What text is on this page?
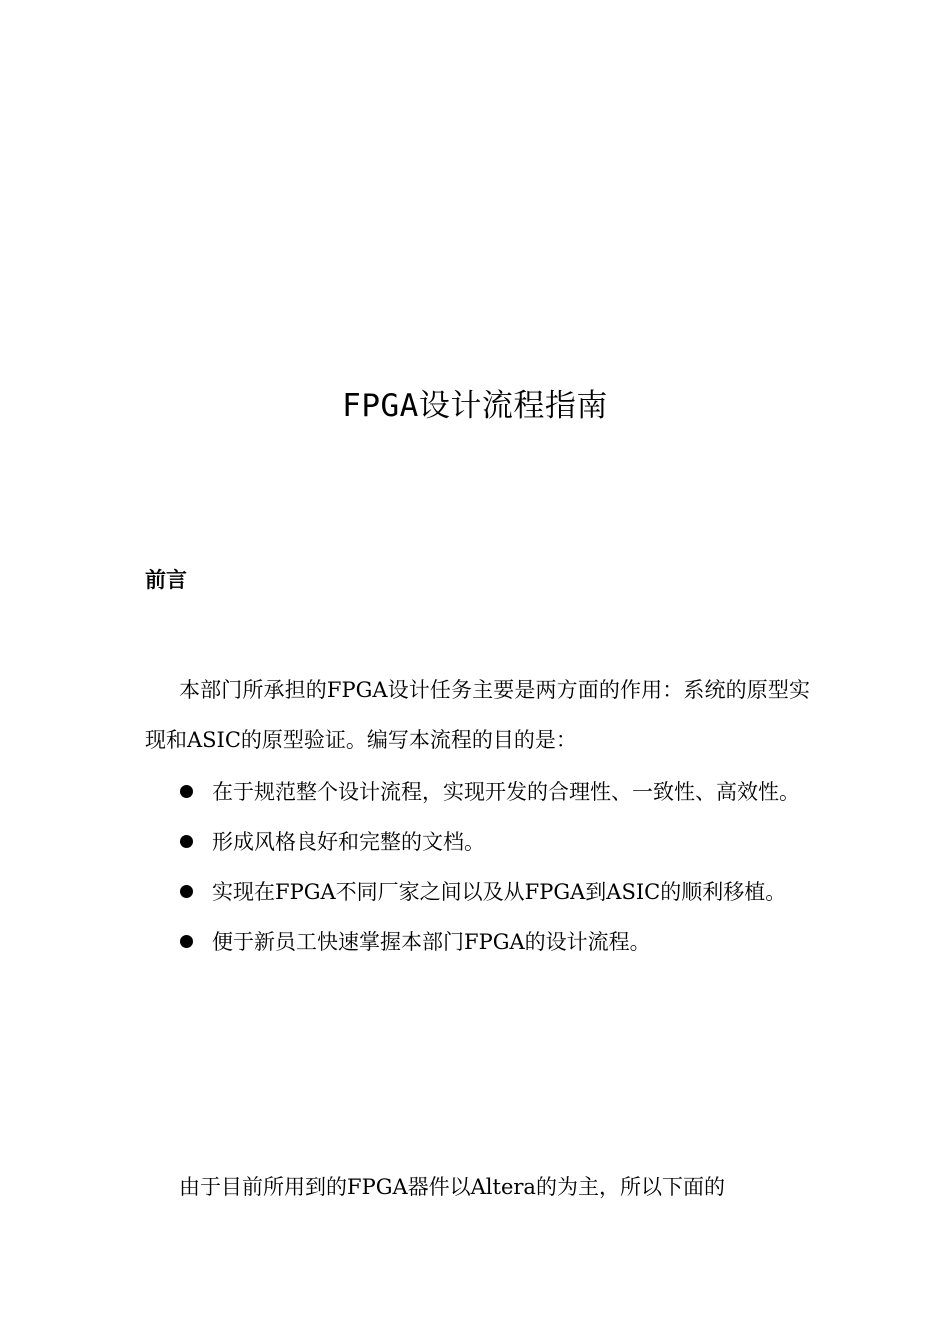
FPGA设计流程指南
前言

本部门所承担的FPGA设计任务主要是两方面的作用：系统的原型实现和ASIC的原型验证。编写本流程的目的是：

在于规范整个设计流程，实现开发的合理性、一致性、高效性。
形成风格良好和完整的文档。
实现在FPGA不同厂家之间以及从FPGA到ASIC的顺利移植。
便于新员工快速掌握本部门FPGA的设计流程。

由于目前所用到的FPGA器件以Altera的为主，所以下面的
